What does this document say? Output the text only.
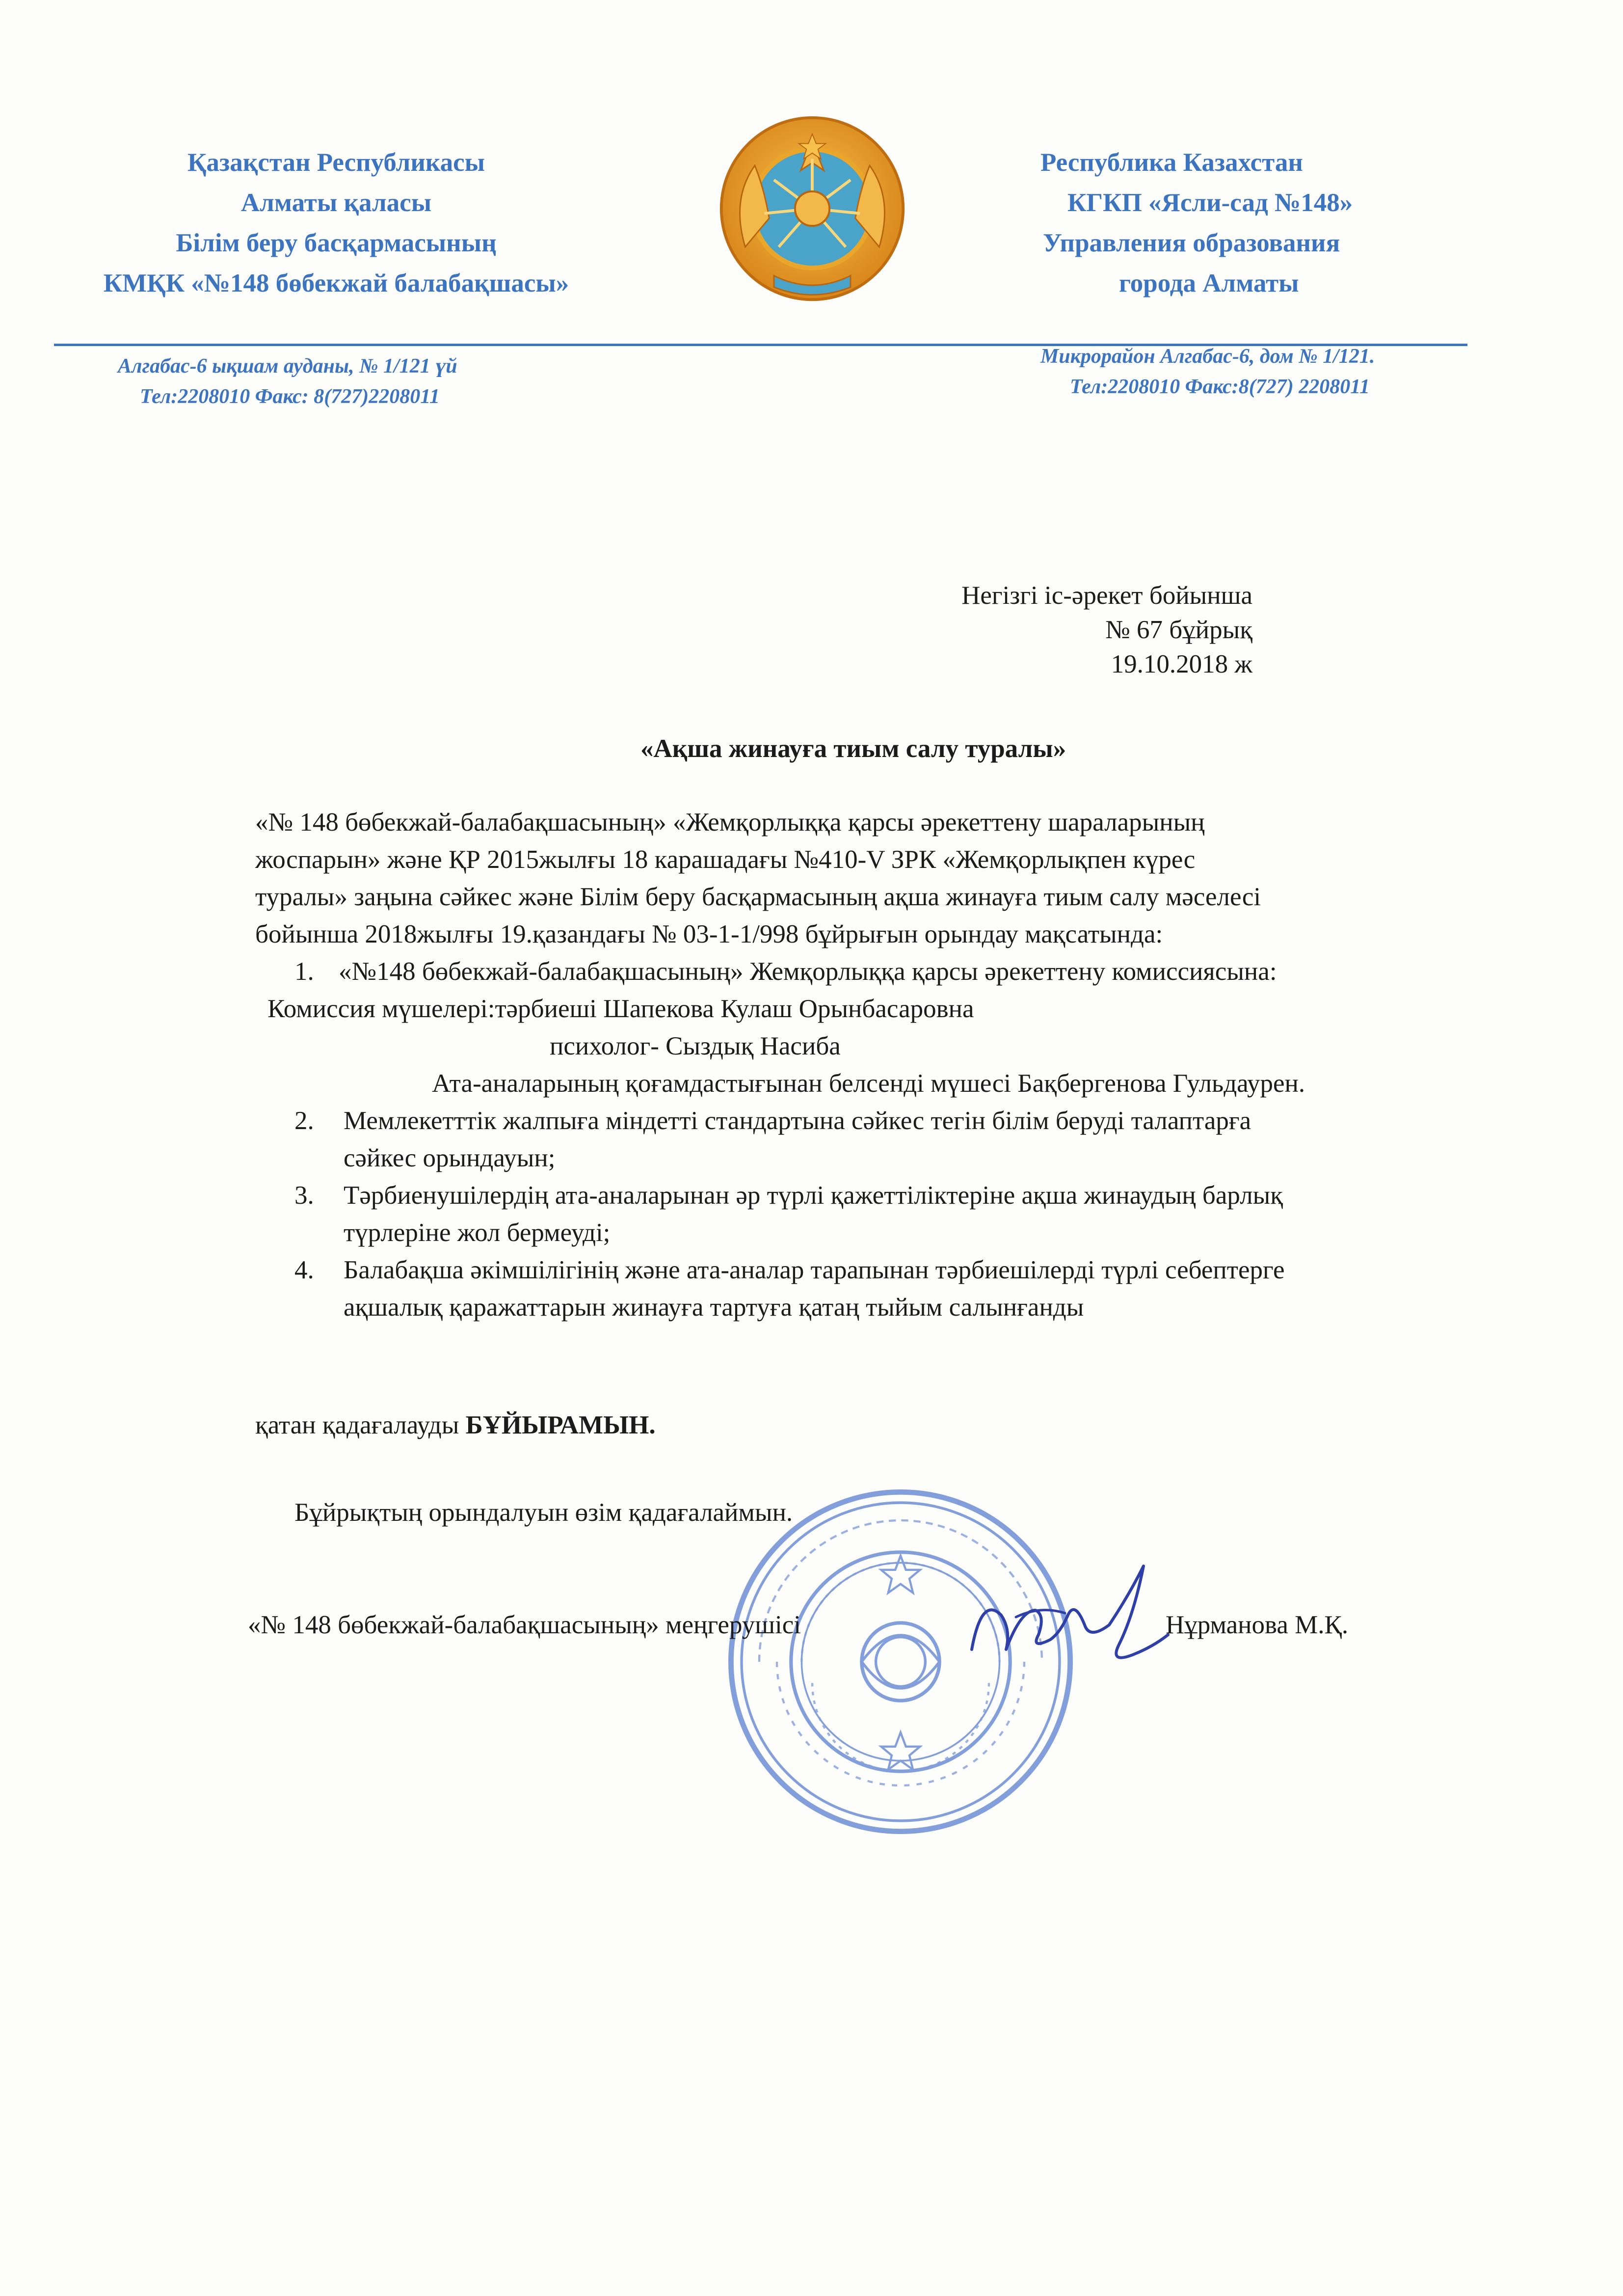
Қазақстан Республикасы
Алматы қаласы
Білім беру басқармасының
КМҚК «№148 бөбекжай балабақшасы»
Республика Казахстан
КГКП «Ясли-сад №148»
Управления образования
города Алматы
Алгабас-6 ықшам ауданы, № 1/121 үй
Тел:2208010 Факс: 8(727)2208011
Микрорайон Алгабас-6, дом № 1/121.
Тел:2208010 Факс:8(727) 2208011
Негізгі іс-әрекет бойынша
№ 67 бұйрық
19.10.2018 ж
«Ақша жинауға тиым салу туралы»
«№ 148 бөбекжай-балабақшасының» «Жемқорлыққа қарсы әрекеттену шараларының
жоспарын» және ҚР 2015жылғы 18 карашадағы №410-V ЗРК «Жемқорлықпен күрес
туралы» заңына сәйкес және Білім беру басқармасының ақша жинауға тиым салу мәселесі
бойынша 2018жылғы 19.қазандағы № 03-1-1/998 бұйрығын орындау мақсатында:
1. «№148 бөбекжай-балабақшасының» Жемқорлыққа қарсы әрекеттену комиссиясына:
Комиссия мүшелері:тәрбиеші Шапекова Кулаш Орынбасаровна
психолог- Сыздық Насиба
Ата-аналарының қоғамдастығынан белсенді мүшесі Бақбергенова Гульдаурен.
2. Мемлекетттік жалпыға міндетті стандартына сәйкес тегін білім беруді талаптарға
сәйкес орындауын;
3. Тәрбиенушілердің ата-аналарынан әр түрлі қажеттіліктеріне ақша жинаудың барлық
түрлеріне жол бермеуді;
4. Балабақша әкімшілігінің және ата-аналар тарапынан тәрбиешілерді түрлі себептерге
ақшалық қаражаттарын жинауға тартуға қатаң тыйым салынғанды
қатан қадағалауды БҰЙЫРАМЫН.
Бұйрықтың орындалуын өзім қадағалаймын.
«№ 148 бөбекжай-балабақшасының» меңгерушісі	Нұрманова М.Қ.
